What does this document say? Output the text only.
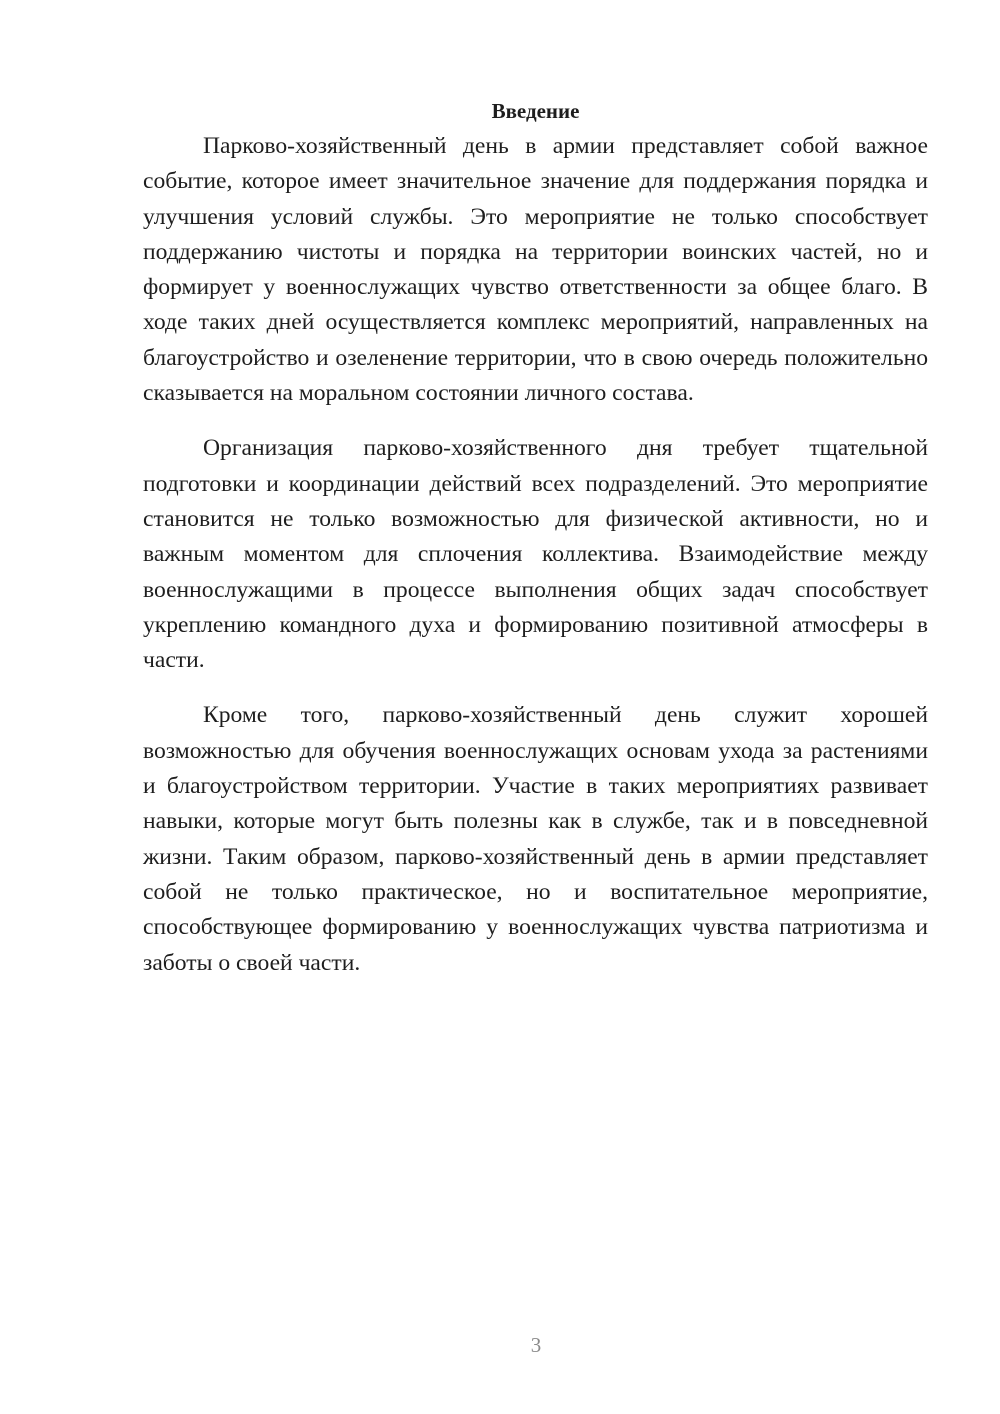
Введение

Парково-хозяйственный день в армии представляет собой важное событие, которое имеет значительное значение для поддержания порядка и улучшения условий службы. Это мероприятие не только способствует поддержанию чистоты и порядка на территории воинских частей, но и формирует у военнослужащих чувство ответственности за общее благо. В ходе таких дней осуществляется комплекс мероприятий, направленных на благоустройство и озеленение территории, что в свою очередь положительно сказывается на моральном состоянии личного состава.

Организация парково-хозяйственного дня требует тщательной подготовки и координации действий всех подразделений. Это мероприятие становится не только возможностью для физической активности, но и важным моментом для сплочения коллектива. Взаимодействие между военнослужащими в процессе выполнения общих задач способствует укреплению командного духа и формированию позитивной атмосферы в части.

Кроме того, парково-хозяйственный день служит хорошей возможностью для обучения военнослужащих основам ухода за растениями и благоустройством территории. Участие в таких мероприятиях развивает навыки, которые могут быть полезны как в службе, так и в повседневной жизни. Таким образом, парково-хозяйственный день в армии представляет собой не только практическое, но и воспитательное мероприятие, способствующее формированию у военнослужащих чувства патриотизма и заботы о своей части.

3
